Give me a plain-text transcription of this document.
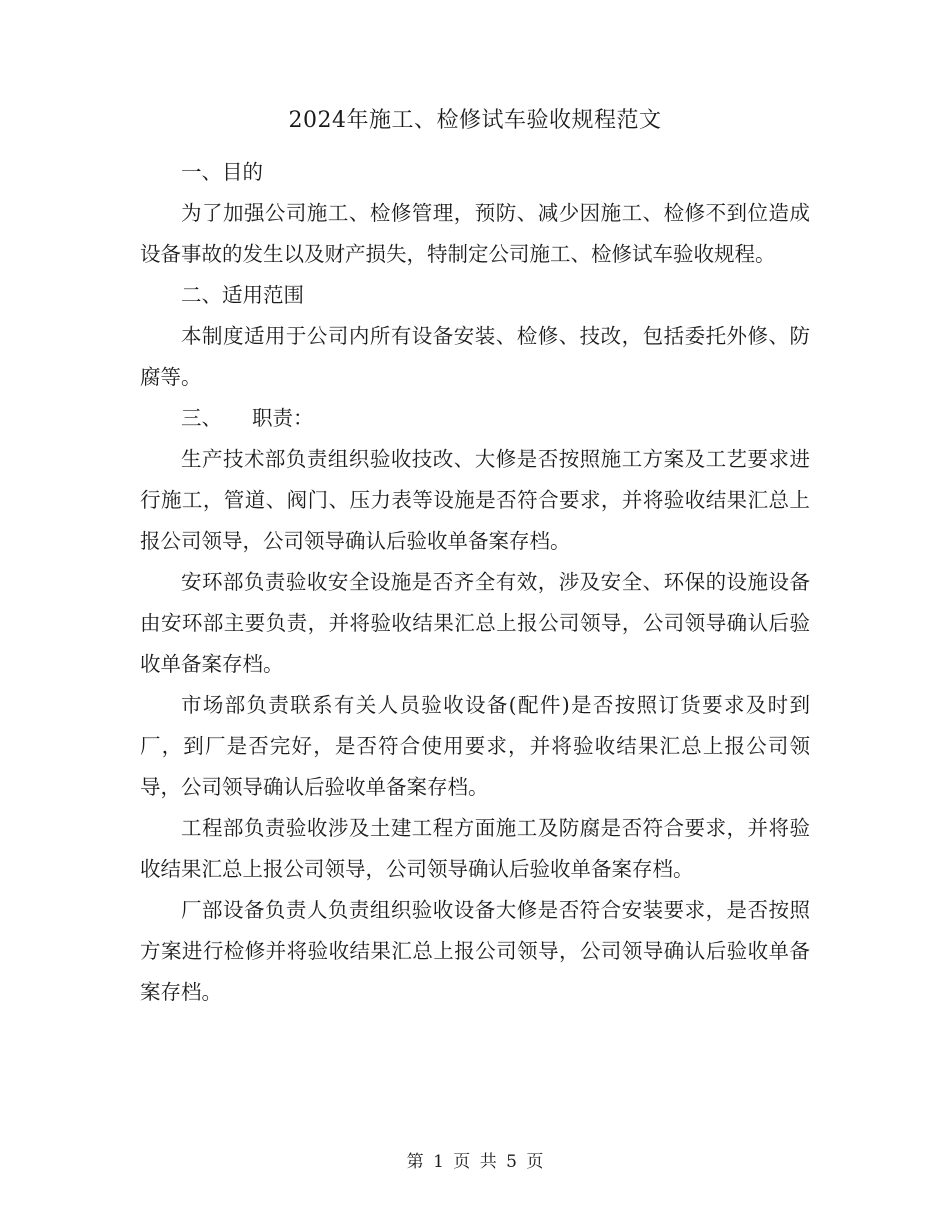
2024年施工、检修试车验收规程范文

一、目的

为了加强公司施工、检修管理，预防、减少因施工、检修不到位造成设备事故的发生以及财产损失，特制定公司施工、检修试车验收规程。

二、适用范围

本制度适用于公司内所有设备安装、检修、技改，包括委托外修、防腐等。

三、 职责：

生产技术部负责组织验收技改、大修是否按照施工方案及工艺要求进行施工，管道、阀门、压力表等设施是否符合要求，并将验收结果汇总上报公司领导，公司领导确认后验收单备案存档。

安环部负责验收安全设施是否齐全有效，涉及安全、环保的设施设备由安环部主要负责，并将验收结果汇总上报公司领导，公司领导确认后验收单备案存档。

市场部负责联系有关人员验收设备(配件)是否按照订货要求及时到厂，到厂是否完好，是否符合使用要求，并将验收结果汇总上报公司领导，公司领导确认后验收单备案存档。

工程部负责验收涉及土建工程方面施工及防腐是否符合要求，并将验收结果汇总上报公司领导，公司领导确认后验收单备案存档。

厂部设备负责人负责组织验收设备大修是否符合安装要求，是否按照方案进行检修并将验收结果汇总上报公司领导，公司领导确认后验收单备案存档。

第 1 页 共 5 页
